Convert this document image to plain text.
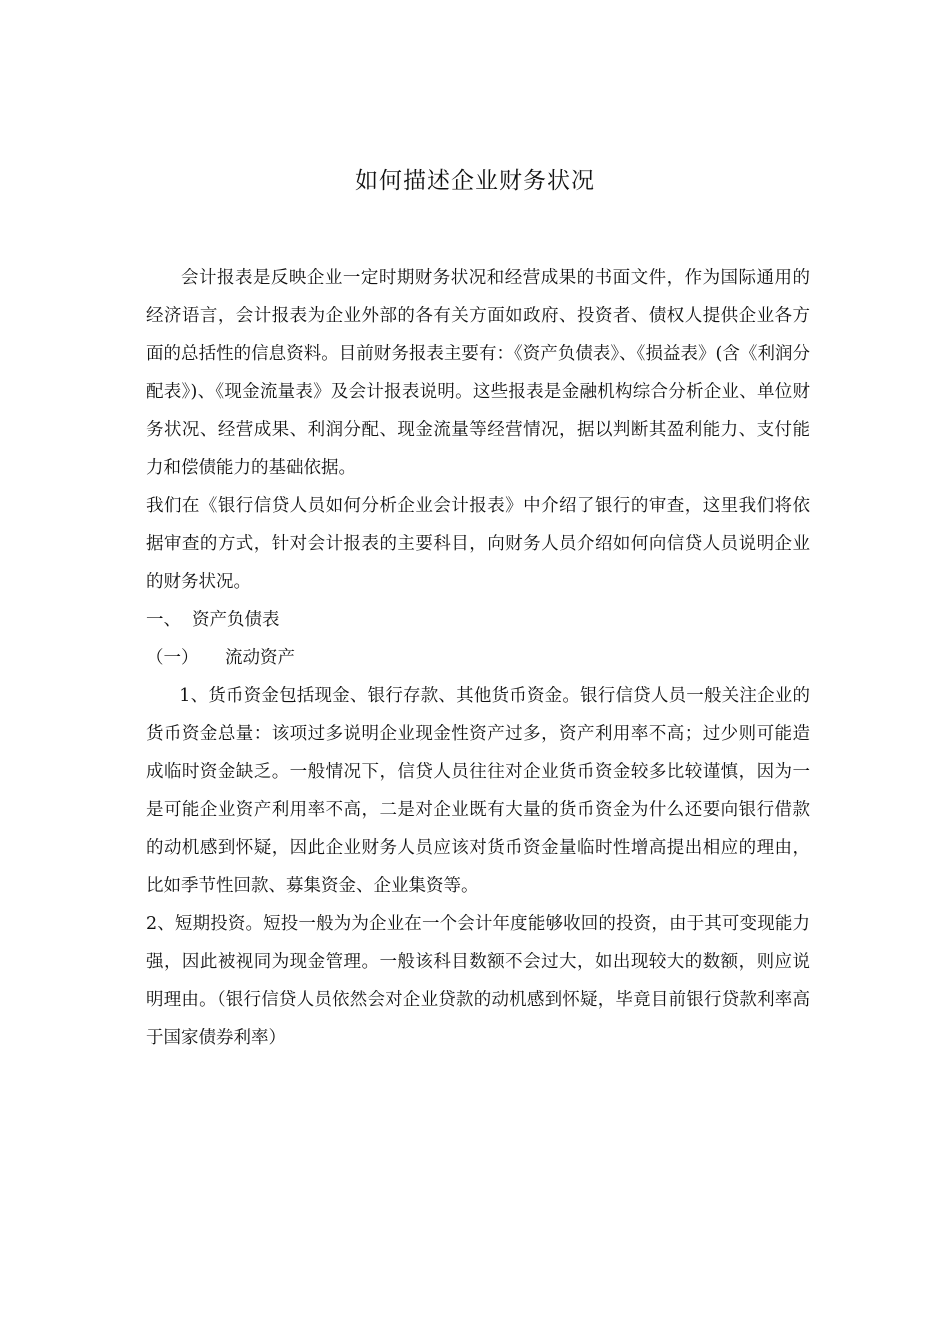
如何描述企业财务状况

会计报表是反映企业一定时期财务状况和经营成果的书面文件，作为国际通用的经济语言，会计报表为企业外部的各有关方面如政府、投资者、债权人提供企业各方面的总括性的信息资料。目前财务报表主要有：《资产负债表》、《损益表》(含《利润分配表》)、《现金流量表》及会计报表说明。这些报表是金融机构综合分析企业、单位财务状况、经营成果、利润分配、现金流量等经营情况，据以判断其盈利能力、支付能力和偿债能力的基础依据。

我们在《银行信贷人员如何分析企业会计报表》中介绍了银行的审查，这里我们将依据审查的方式，针对会计报表的主要科目，向财务人员介绍如何向信贷人员说明企业的财务状况。

一、 资产负债表
（一）	流动资产

1、货币资金包括现金、银行存款、其他货币资金。银行信贷人员一般关注企业的货币资金总量：该项过多说明企业现金性资产过多，资产利用率不高；过少则可能造成临时资金缺乏。一般情况下，信贷人员往往对企业货币资金较多比较谨慎，因为一是可能企业资产利用率不高，二是对企业既有大量的货币资金为什么还要向银行借款的动机感到怀疑，因此企业财务人员应该对货币资金量临时性增高提出相应的理由，比如季节性回款、募集资金、企业集资等。

2、短期投资。短投一般为为企业在一个会计年度能够收回的投资，由于其可变现能力强，因此被视同为现金管理。一般该科目数额不会过大，如出现较大的数额，则应说明理由。（银行信贷人员依然会对企业贷款的动机感到怀疑，毕竟目前银行贷款利率高于国家债券利率）
